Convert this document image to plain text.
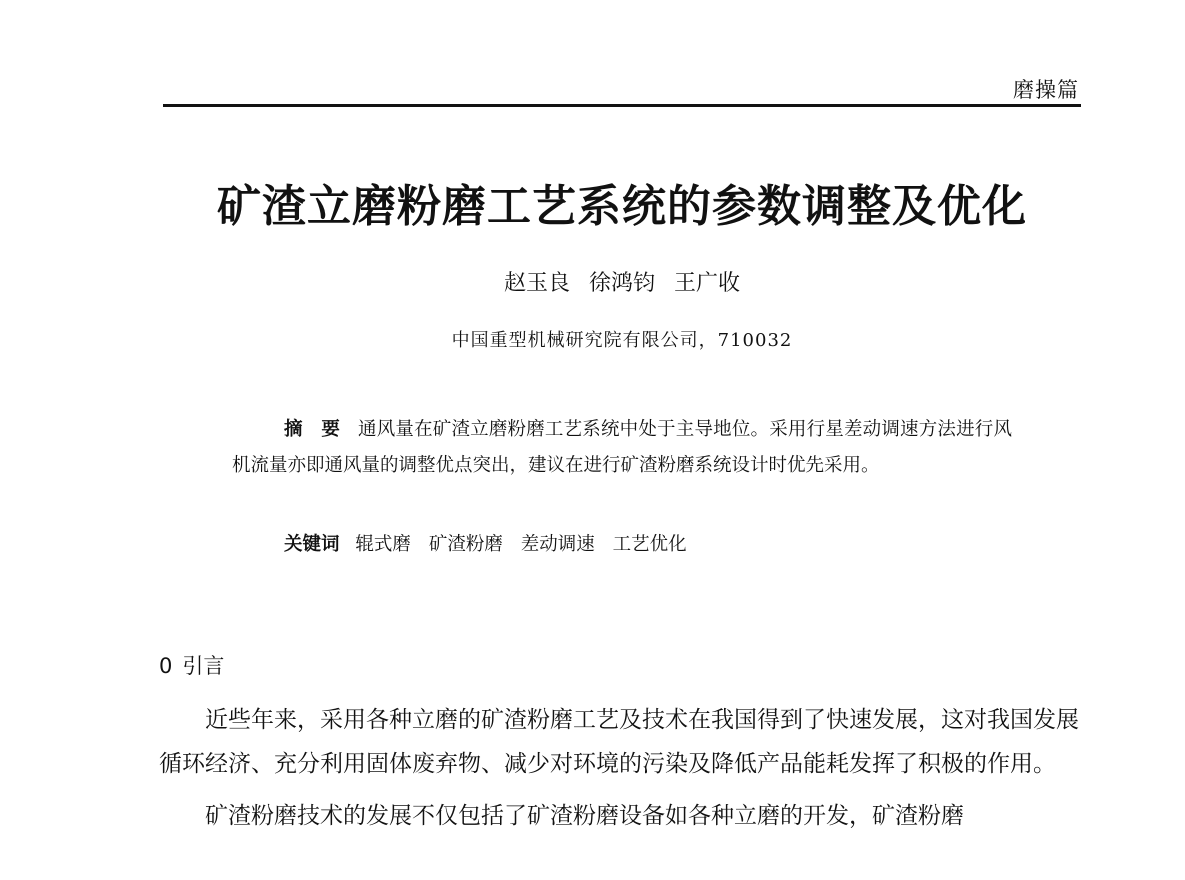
磨操篇
矿渣立磨粉磨工艺系统的参数调整及优化
赵玉良 徐鸿钧 王广收
中国重型机械研究院有限公司，710032
摘 要 通风量在矿渣立磨粉磨工艺系统中处于主导地位。采用行星差动调速方法进行风机流量亦即通风量的调整优点突出，建议在进行矿渣粉磨系统设计时优先采用。
关键词 辊式磨 矿渣粉磨 差动调速 工艺优化
0 引言

近些年来，采用各种立磨的矿渣粉磨工艺及技术在我国得到了快速发展，这对我国发展循环经济、充分利用固体废弃物、减少对环境的污染及降低产品能耗发挥了积极的作用。

矿渣粉磨技术的发展不仅包括了矿渣粉磨设备如各种立磨的开发，矿渣粉磨
